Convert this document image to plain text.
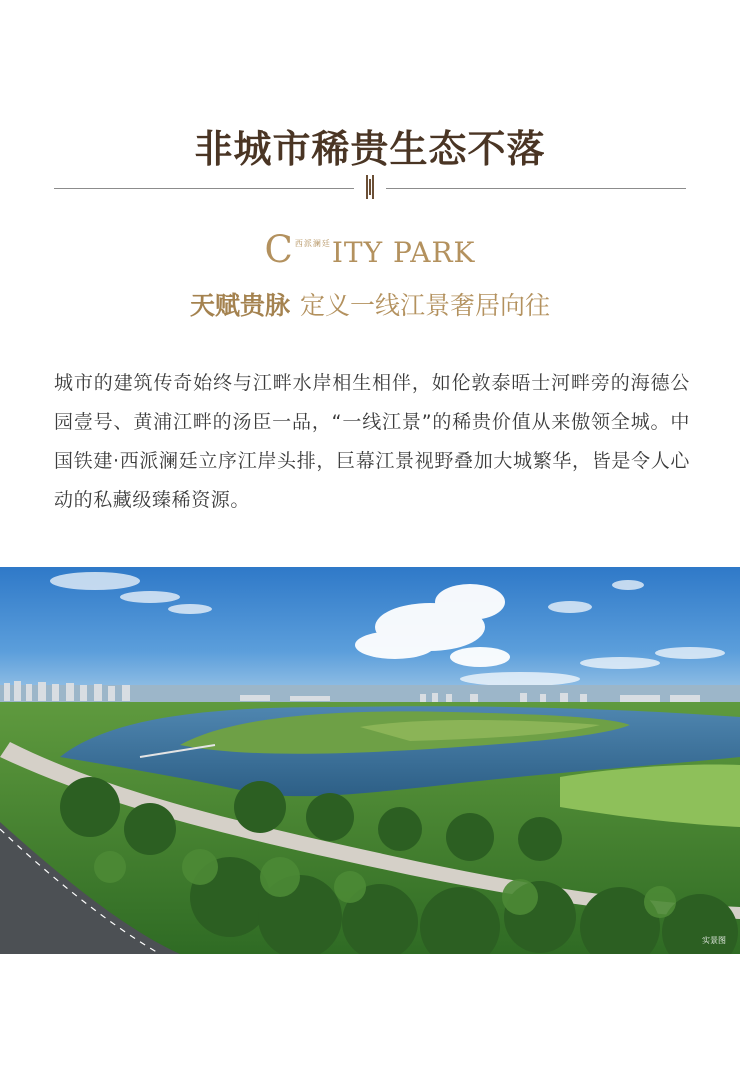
非城市稀贵生态不落
C西派澜廷ITY PARK
天赋贵脉 定义一线江景奢居向往
城市的建筑传奇始终与江畔水岸相生相伴，如伦敦泰晤士河畔旁的海德公园壹号、黄浦江畔的汤臣一品，“一线江景”的稀贵价值从来傲领全城。中国铁建·西派澜廷立序江岸头排，巨幕江景视野叠加大城繁华，皆是令人心动的私藏级臻稀资源。
实景图
